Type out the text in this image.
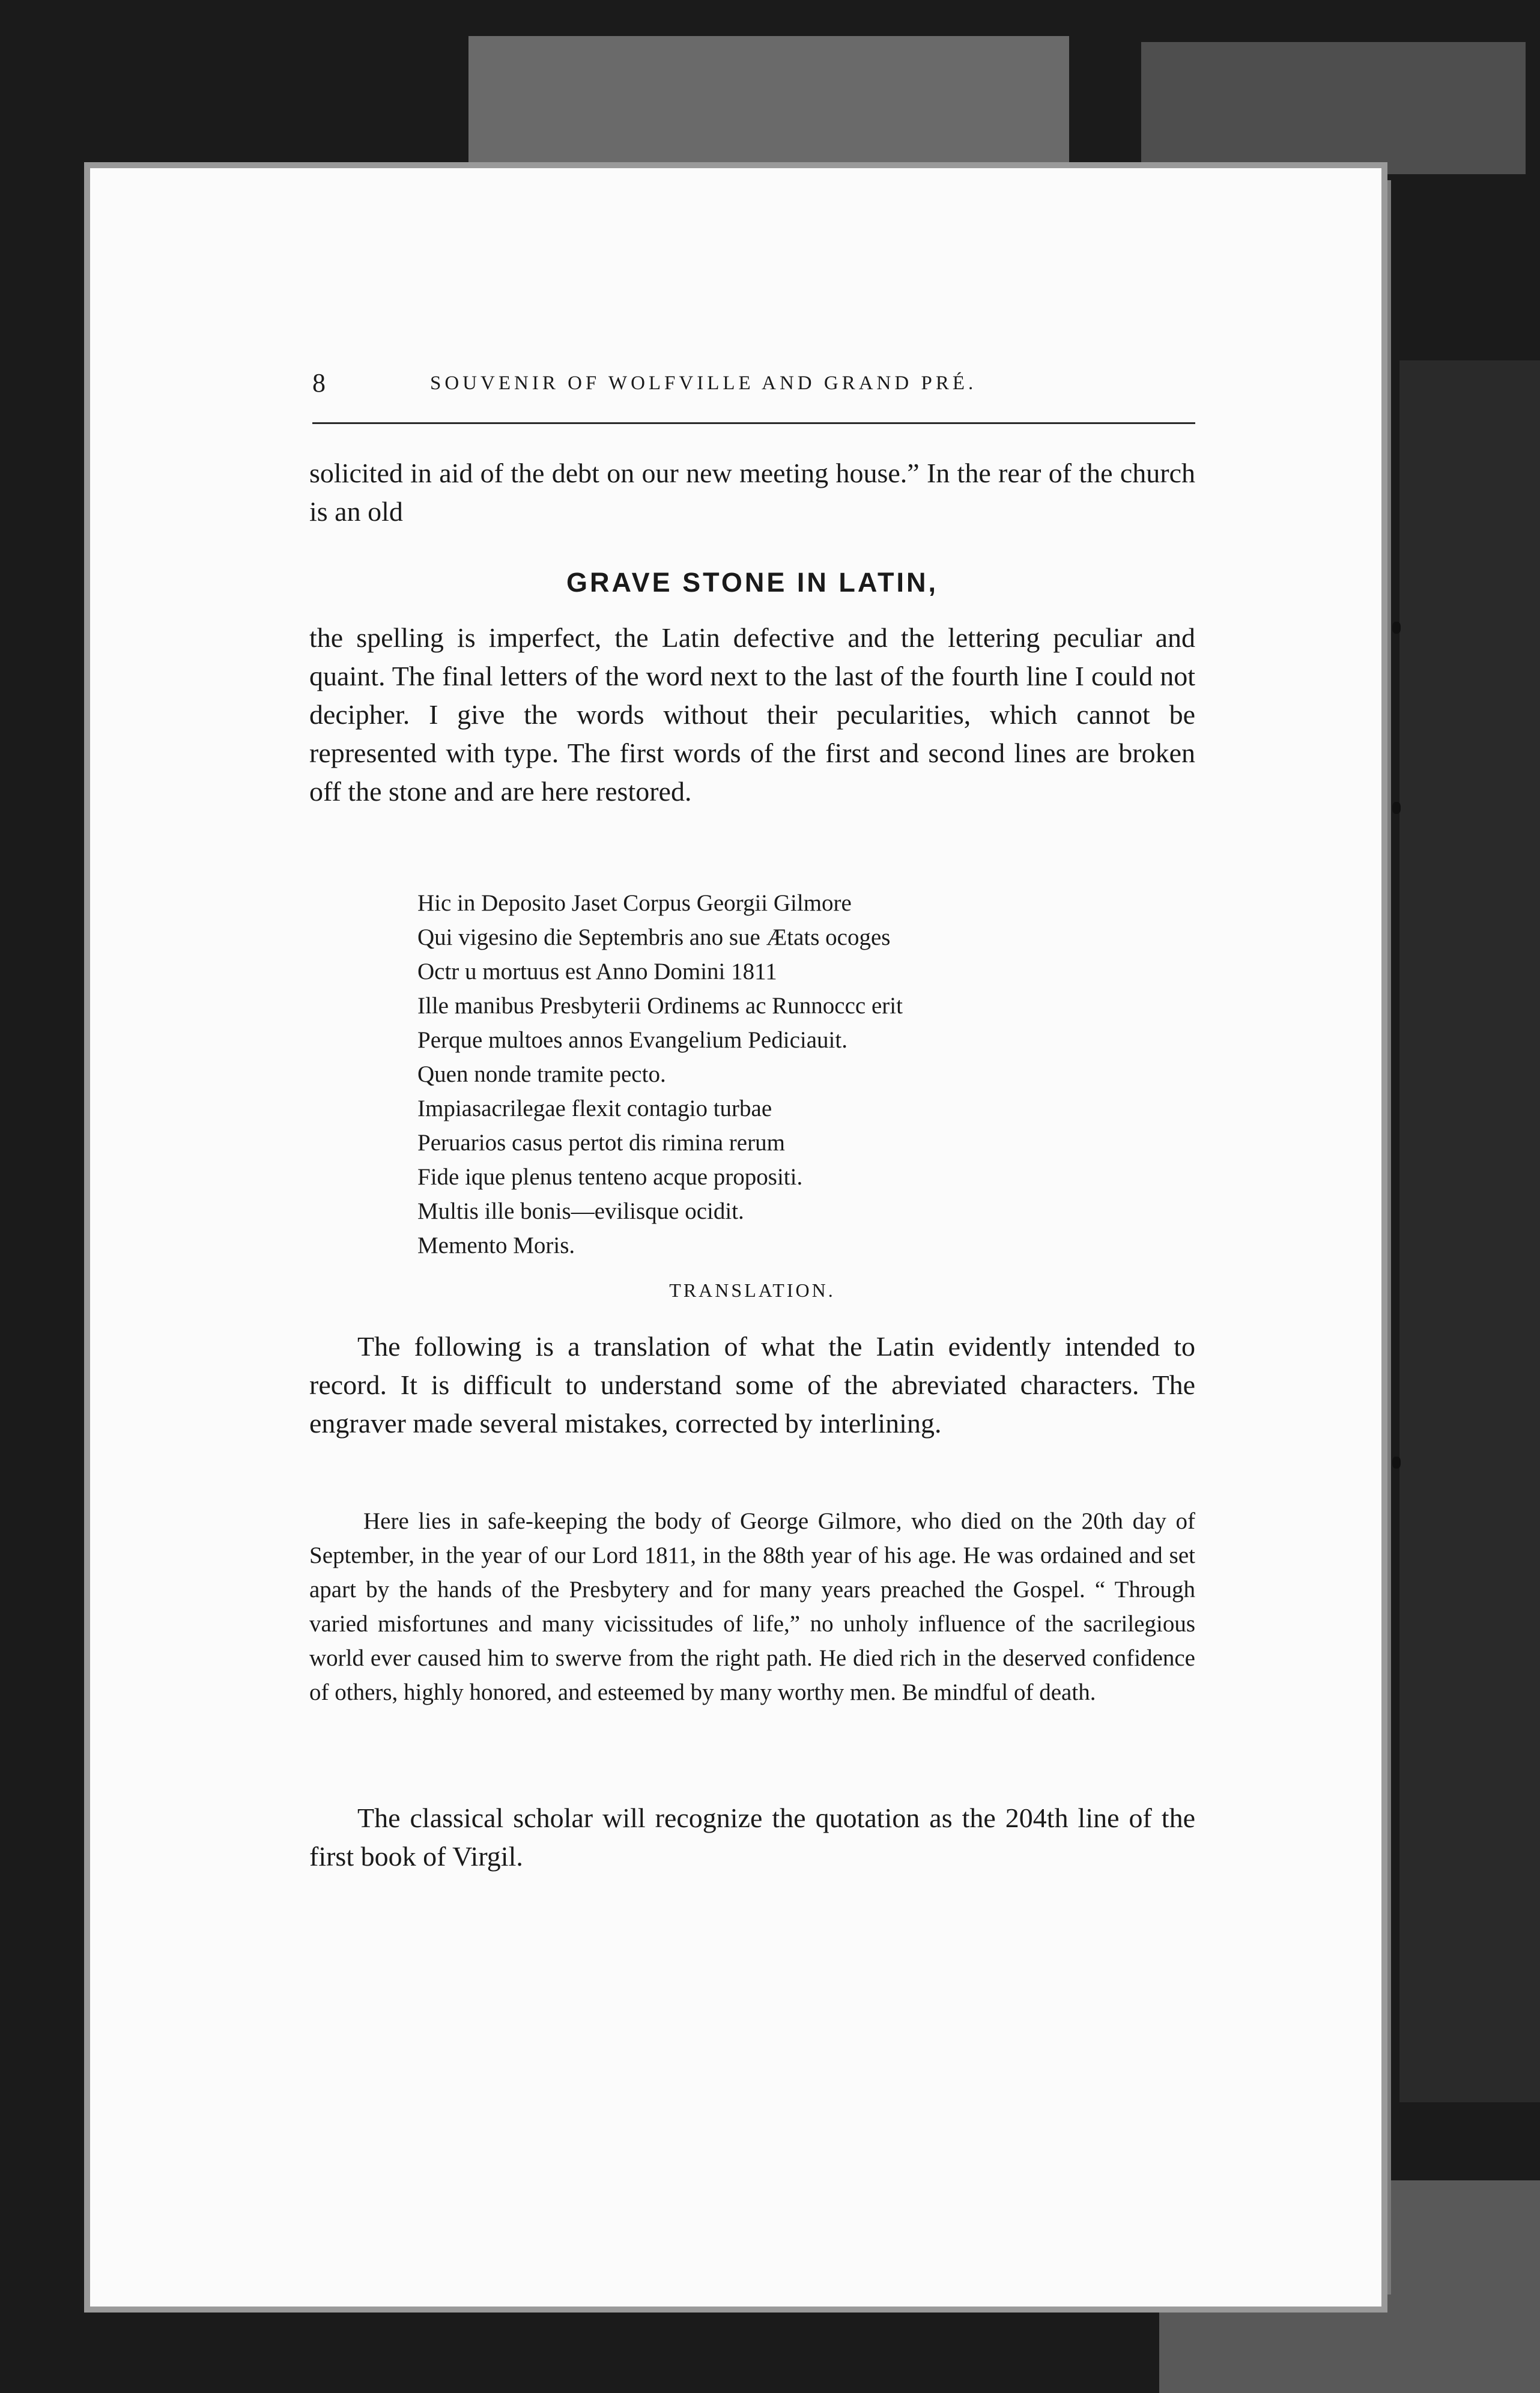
8	SOUVENIR OF WOLFVILLE AND GRAND PRÉ.

solicited in aid of the debt on our new meeting house.” In the rear of the church is an old

GRAVE STONE IN LATIN,

the spelling is imperfect, the Latin defective and the lettering peculiar and quaint. The final letters of the word next to the last of the fourth line I could not decipher. I give the words without their pecularities, which cannot be represented with type. The first words of the first and second lines are broken off the stone and are here restored.

Hic in Deposito Jaset Corpus Georgii Gilmore
Qui vigesino die Septembris ano sue Ætats ocoges
Octr u mortuus est Anno Domini 1811
Ille manibus Presbyterii Ordinems ac Runnoccc erit
Perque multoes annos Evangelium Pediciauit.
Quen nonde tramite pecto.
Impiasacrilegae flexit contagio turbae
Peruarios casus pertot dis rimina rerum
Fide ique plenus tenteno acque propositi.
Multis ille bonis—evilisque ocidit.
Memento Moris.
TRANSLATION.

The following is a translation of what the Latin evidently intended to record. It is difficult to understand some of the abreviated characters. The engraver made several mistakes, corrected by interlining.

Here lies in safe-keeping the body of George Gilmore, who died on the 20th day of September, in the year of our Lord 1811, in the 88th year of his age. He was ordained and set apart by the hands of the Presbytery and for many years preached the Gospel. “ Through varied misfortunes and many vicissitudes of life,” no unholy influence of the sacrilegious world ever caused him to swerve from the right path. He died rich in the deserved confidence of others, highly honored, and esteemed by many worthy men. Be mindful of death.

The classical scholar will recognize the quotation as the 204th line of the first book of Virgil.
